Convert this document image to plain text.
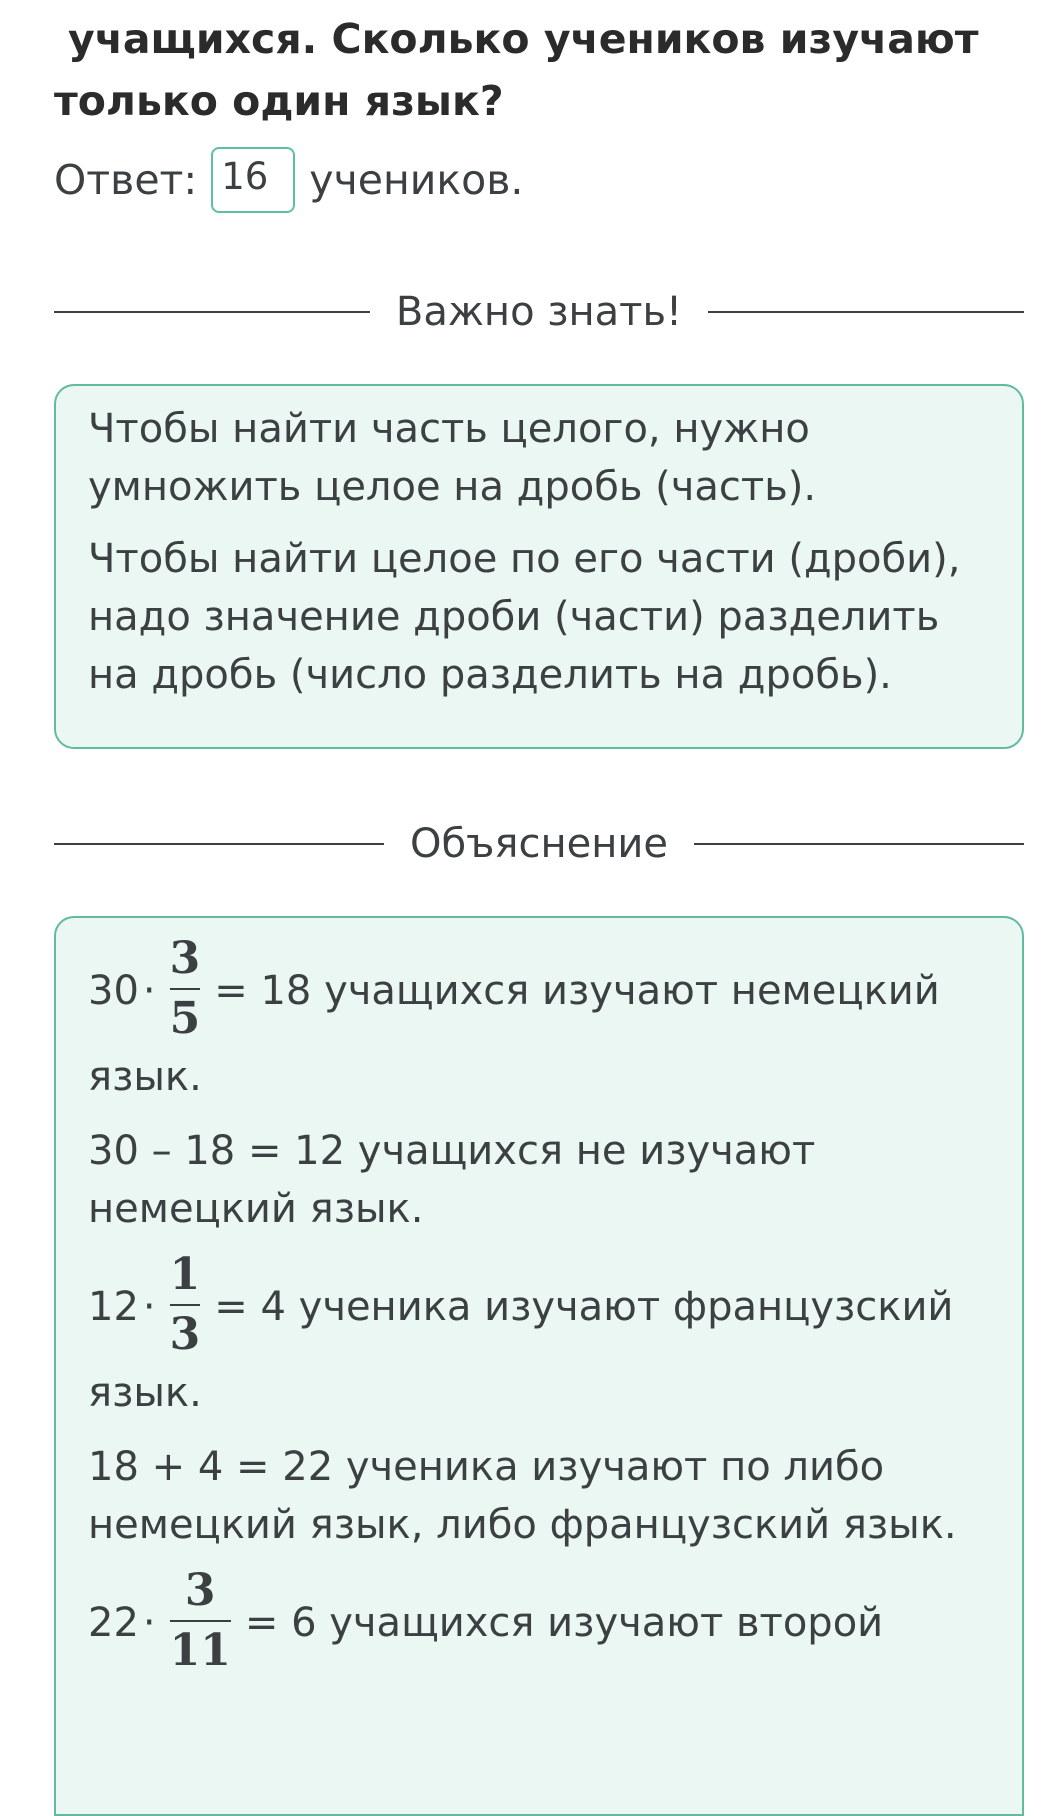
учащихся. Сколько учеников изучают
только один язык?
Ответ: 16 учеников.
Важно знать!

Чтобы найти часть целого, нужно умножить целое на дробь (часть).

Чтобы найти целое по его части (дроби), надо значение дроби (части) разделить на дробь (число разделить на дробь).

Объяснение

$30 \cdot \frac{3}{5} = 18$ учащихся изучают немецкий язык.

30 – 18 = 12 учащихся не изучают немецкий язык.

$12 \cdot \frac{1}{3} = 4$ ученика изучают французский язык.

18 + 4 = 22 ученика изучают по либо немецкий язык, либо французский язык.

$22 \cdot \frac{3}{11} = 6$ учащихся изучают второй
